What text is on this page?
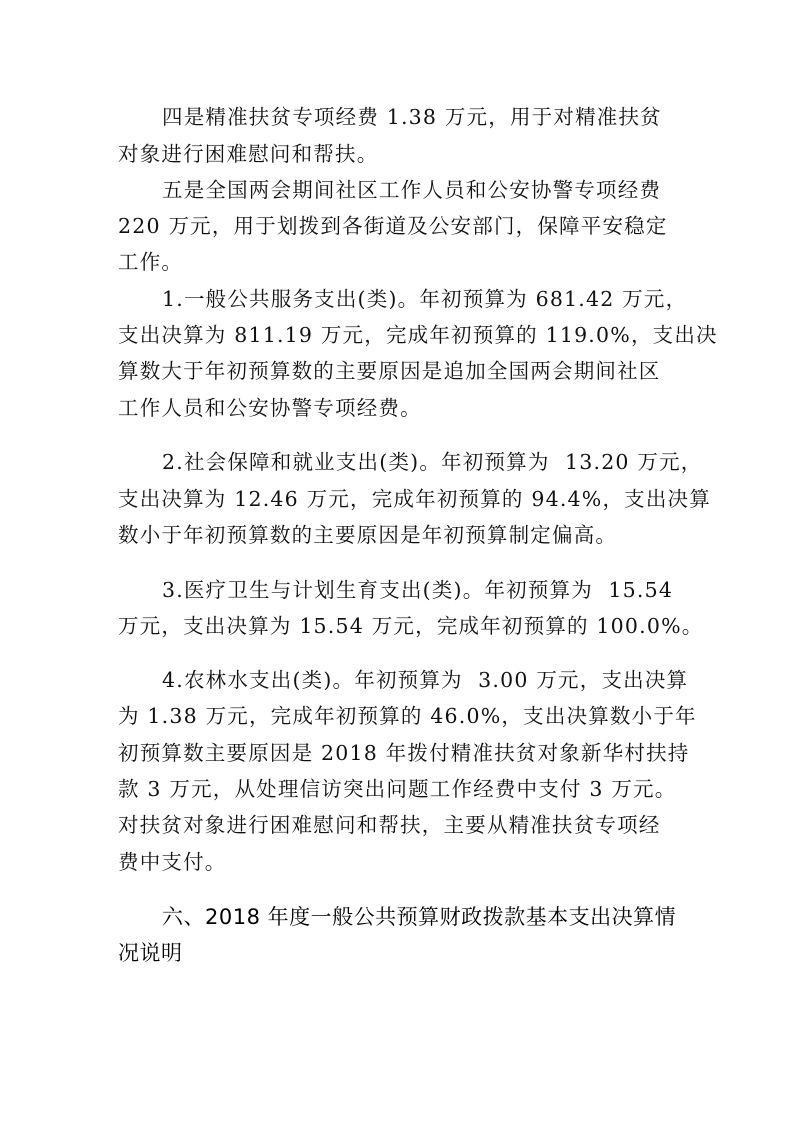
四是精准扶贫专项经费 1.38 万元，用于对精准扶贫
对象进行困难慰问和帮扶。
五是全国两会期间社区工作人员和公安协警专项经费
220 万元，用于划拨到各街道及公安部门，保障平安稳定
工作。
1.一般公共服务支出(类)。年初预算为 681.42 万元，
支出决算为 811.19 万元，完成年初预算的 119.0%，支出决
算数大于年初预算数的主要原因是追加全国两会期间社区
工作人员和公安协警专项经费。
2.社会保障和就业支出(类)。年初预算为  13.20 万元，
支出决算为 12.46 万元，完成年初预算的 94.4%，支出决算
数小于年初预算数的主要原因是年初预算制定偏高。
3.医疗卫生与计划生育支出(类)。年初预算为  15.54
万元，支出决算为 15.54 万元，完成年初预算的 100.0%。
4.农林水支出(类)。年初预算为  3.00 万元，支出决算
为 1.38 万元，完成年初预算的 46.0%，支出决算数小于年
初预算数主要原因是 2018 年拨付精准扶贫对象新华村扶持
款 3 万元，从处理信访突出问题工作经费中支付 3 万元。
对扶贫对象进行困难慰问和帮扶，主要从精准扶贫专项经
费中支付。
六、2018 年度一般公共预算财政拨款基本支出决算情
况说明
